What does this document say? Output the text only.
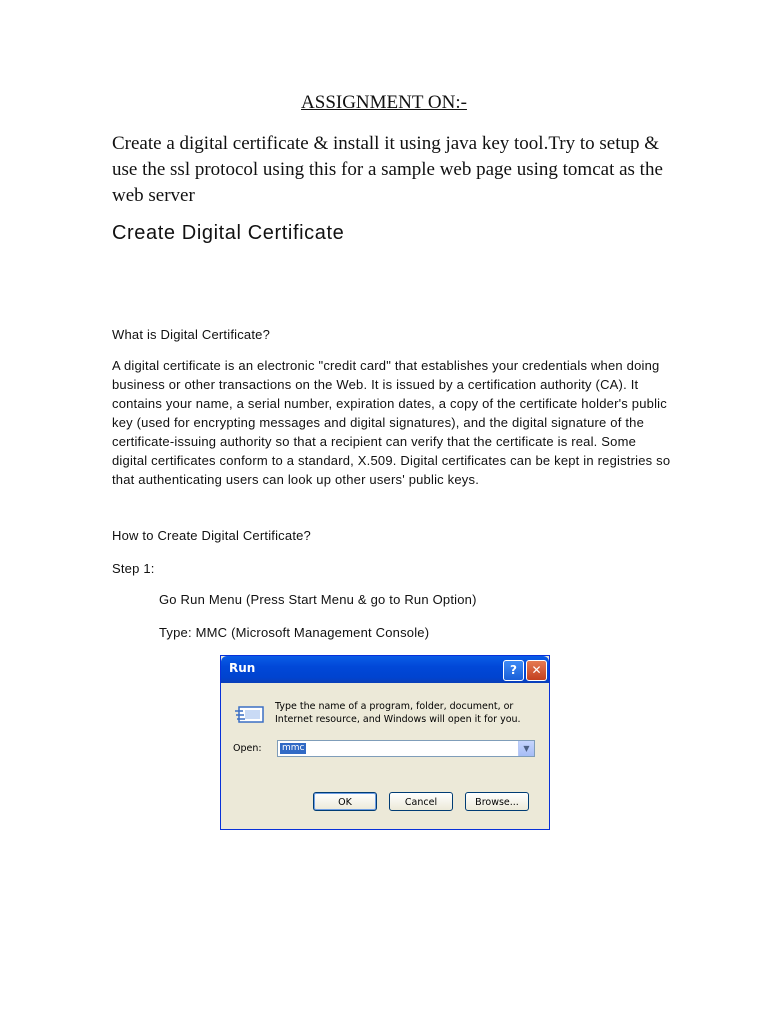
ASSIGNMENT ON:-
Create a digital certificate & install it using java key tool.Try to setup & use the ssl protocol using this for a sample web page using tomcat as the web server
Create Digital Certificate
What is Digital Certificate?
A digital certificate is an electronic "credit card" that establishes your credentials when doing business or other transactions on the Web. It is issued by a certification authority (CA). It contains your name, a serial number, expiration dates, a copy of the certificate holder's public key (used for encrypting messages and digital signatures), and the digital signature of the certificate-issuing authority so that a recipient can verify that the certificate is real. Some digital certificates conform to a standard, X.509. Digital certificates can be kept in registries so that authenticating users can look up other users' public keys.
How to Create Digital Certificate?
Step 1:
Go Run Menu (Press Start Menu & go to Run Option)
Type: MMC (Microsoft Management Console)
Run	?	✕
Type the name of a program, folder, document, or Internet resource, and Windows will open it for you.
Open: mmc	▼
OK	Cancel	Browse...
